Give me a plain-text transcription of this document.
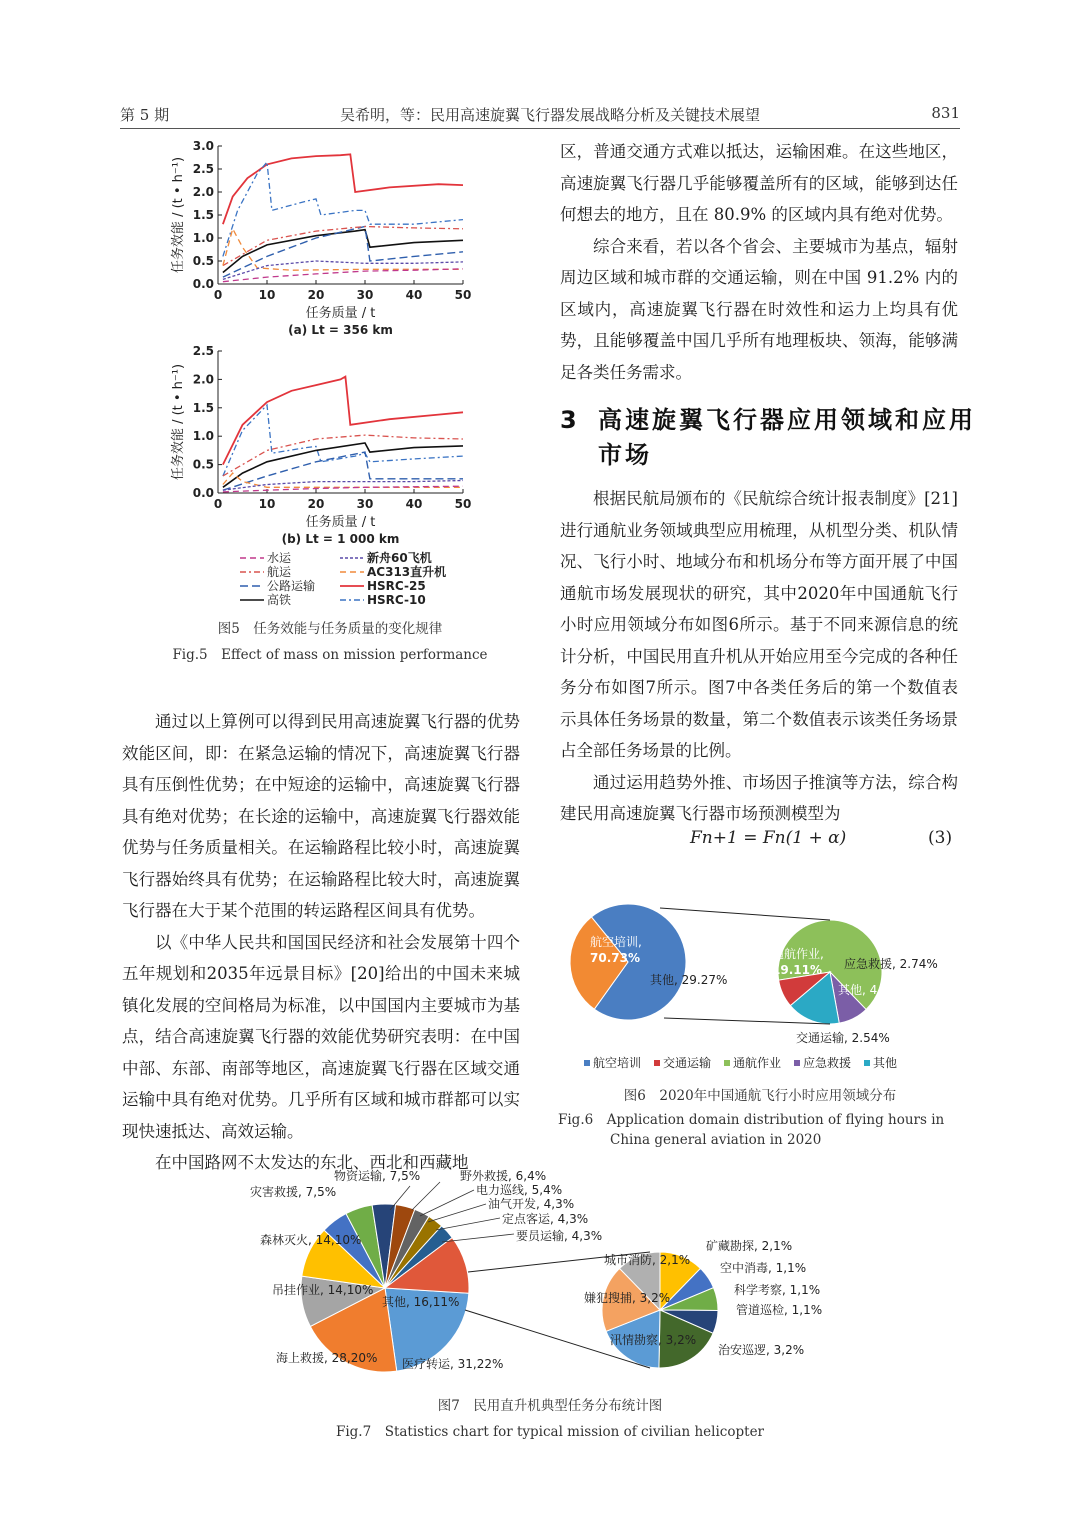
第 5 期	吴希明，等：民用高速旋翼飞行器发展战略分析及关键技术展望	831
0.0
0.5
1.0
1.5
2.0
2.5
3.0
0	10	20	30	40	50
任务效能 / (t • h⁻¹)
任务质量 / t
(a) Lt = 356 km
0.0
0.5
1.0
1.5
2.0
2.5
0	10	20	30	40	50
任务效能 / (t • h⁻¹)
任务质量 / t
(b) Lt = 1 000 km
水运	新舟60飞机
航运	AC313直升机
公路运输	HSRC-25
高铁	HSRC-10
图5　任务效能与任务质量的变化规律
Fig.5　Effect of mass on mission performance

通过以上算例可以得到民用高速旋翼飞行器的优势效能区间，即：在紧急运输的情况下，高速旋翼飞行器具有压倒性优势；在中短途的运输中，高速旋翼飞行器具有绝对优势；在长途的运输中，高速旋翼飞行器效能优势与任务质量相关。在运输路程比较小时，高速旋翼飞行器始终具有优势；在运输路程比较大时，高速旋翼飞行器在大于某个范围的转运路程区间具有优势。

以《中华人民共和国国民经济和社会发展第十四个五年规划和2035年远景目标》[20]给出的中国未来城镇化发展的空间格局为标准，以中国国内主要城市为基点，结合高速旋翼飞行器的效能优势研究表明：在中国中部、东部、南部等地区，高速旋翼飞行器在区域交通运输中具有绝对优势。几乎所有区域和城市群都可以实现快速抵达、高效运输。

在中国路网不太发达的东北、西北和西藏地

区，普通交通方式难以抵达，运输困难。在这些地区，高速旋翼飞行器几乎能够覆盖所有的区域，能够到达任何想去的地方，且在 80.9% 的区域内具有绝对优势。

综合来看，若以各个省会、主要城市为基点，辐射周边区域和城市群的交通运输，则在中国 91.2% 内的区域内，高速旋翼飞行器在时效性和运力上均具有优势，且能够覆盖中国几乎所有地理板块、领海，能够满足各类任务需求。

3 高速旋翼飞行器应用领域和应用
市场

根据民航局颁布的《民航综合统计报表制度》[21]进行通航业务领域典型应用梳理，从机型分类、机队情况、飞行小时、地域分布和机场分布等方面开展了中国通航市场发展现状的研究，其中2020年中国通航飞行小时应用领域分布如图6所示。基于不同来源信息的统计分析，中国民用直升机从开始应用至今完成的各种任务分布如图7所示。图7中各类任务后的第一个数值表示具体任务场景的数量，第二个数值表示该类任务场景占全部任务场景的比例。

通过运用趋势外推、市场因子推演等方法，综合构建民用高速旋翼飞行器市场预测模型为

Fn+1 = Fn(1 + α)	(3)
航空培训,
70.73%
其他, 29.27%
通航作业,
19.11% 应急救援, 2.74%
其他, 4.88%
交通运输, 2.54%
航空培训 交通运输 通航作业 应急救援 其他
图6　2020年中国通航飞行小时应用领域分布
Fig.6　Application domain distribution of flying hours in
China general aviation in 2020
医疗转运, 31,22%
海上救援, 28,20%
吊挂作业, 14,10%
森林灭火, 14,10%
灾害救援, 7,5%
物资运输, 7,5%	野外救援, 6,4%
电力巡线, 5,4%
油气开发, 4,3%
定点客运, 4,3%
要员运输, 4,3%
其他, 16,11%
矿藏勘探, 2,1%
空中消毒, 1,1%
科学考察, 1,1%
管道巡检, 1,1%
治安巡逻, 3,2%
汛情勘察, 3,2%
嫌犯搜捕, 3,2%
城市消防, 2,1%
图7　民用直升机典型任务分布统计图
Fig.7　Statistics chart for typical mission of civilian helicopter
